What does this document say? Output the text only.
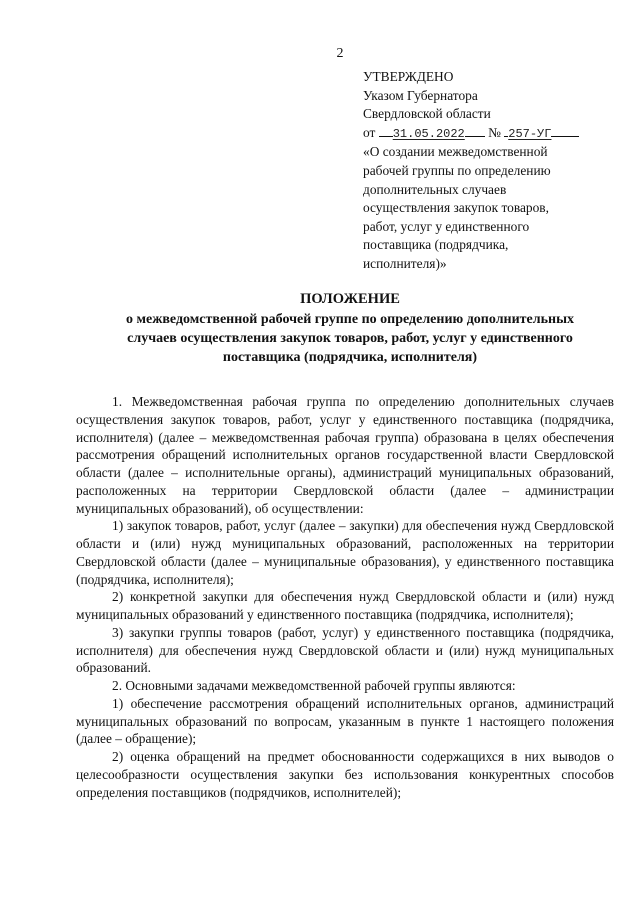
2
УТВЕРЖДЕНО
Указом Губернатора
Свердловской области
от 31.05.2022 № 257-УГ
«О создании межведомственной
рабочей группы по определению
дополнительных случаев
осуществления закупок товаров,
работ, услуг у единственного
поставщика (подрядчика,
исполнителя)»
ПОЛОЖЕНИЕ
о межведомственной рабочей группе по определению дополнительных
случаев осуществления закупок товаров, работ, услуг у единственного
поставщика (подрядчика, исполнителя)

1. Межведомственная рабочая группа по определению дополнительных случаев осуществления закупок товаров, работ, услуг у единственного поставщика (подрядчика, исполнителя) (далее – межведомственная рабочая группа) образована в целях обеспечения рассмотрения обращений исполнительных органов государственной власти Свердловской области (далее – исполнительные органы), администраций муниципальных образований, расположенных на территории Свердловской области (далее – администрации муниципальных образований), об осуществлении:

1) закупок товаров, работ, услуг (далее – закупки) для обеспечения нужд Свердловской области и (или) нужд муниципальных образований, расположенных на территории Свердловской области (далее – муниципальные образования), у единственного поставщика (подрядчика, исполнителя);

2) конкретной закупки для обеспечения нужд Свердловской области и (или) нужд муниципальных образований у единственного поставщика (подрядчика, исполнителя);

3) закупки группы товаров (работ, услуг) у единственного поставщика (подрядчика, исполнителя) для обеспечения нужд Свердловской области и (или) нужд муниципальных образований.

2. Основными задачами межведомственной рабочей группы являются:

1) обеспечение рассмотрения обращений исполнительных органов, администраций муниципальных образований по вопросам, указанным в пункте 1 настоящего положения (далее – обращение);

2) оценка обращений на предмет обоснованности содержащихся в них выводов о целесообразности осуществления закупки без использования конкурентных способов определения поставщиков (подрядчиков, исполнителей);
